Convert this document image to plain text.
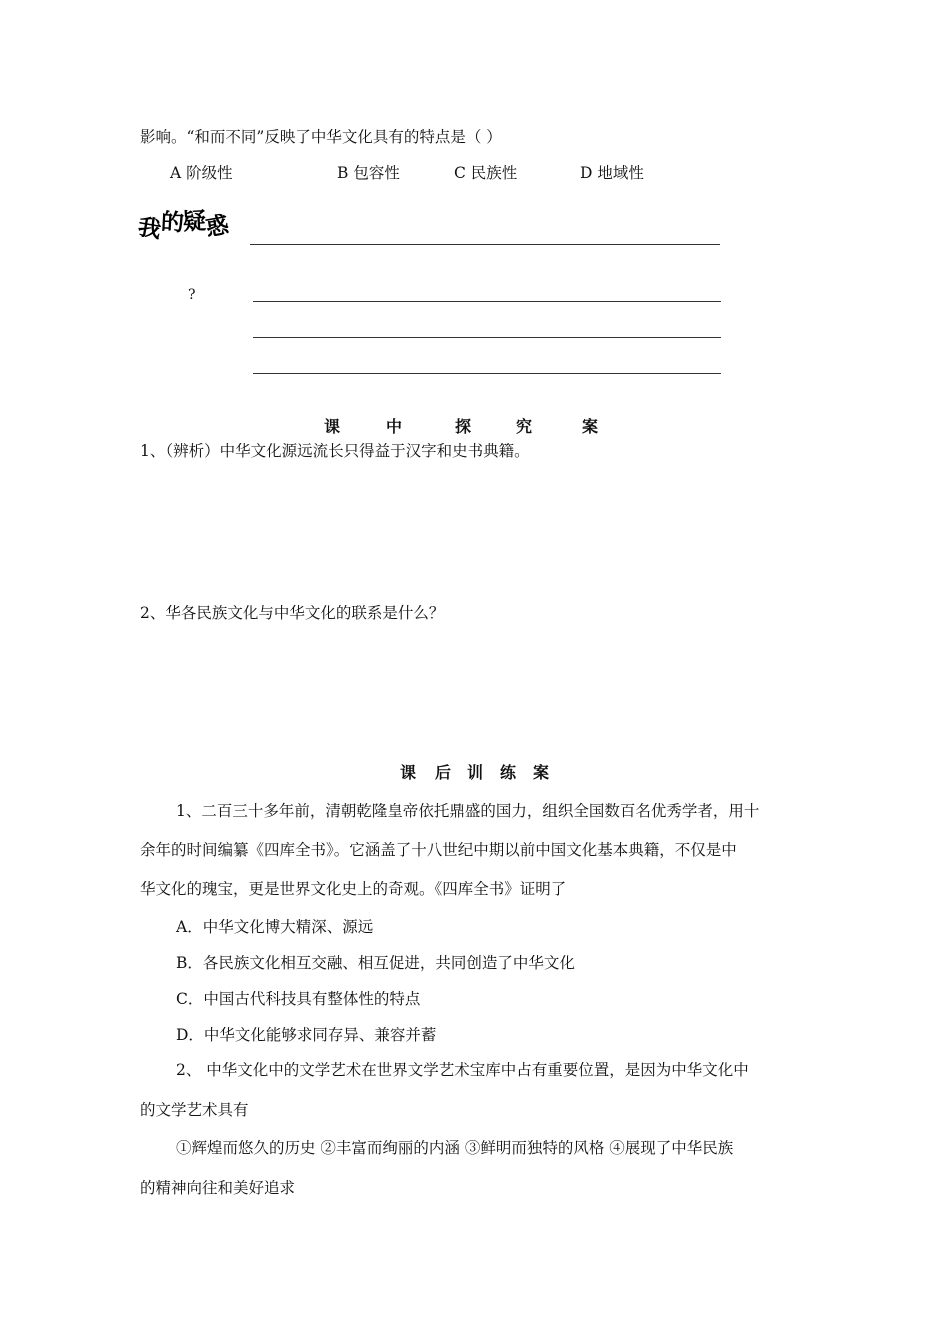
影响。“和而不同”反映了中华文化具有的特点是（ ）
A 阶级性	B 包容性	C 民族性	D 地域性
我的疑惑
?
课	中	探	究	案
1、（辨析）中华文化源远流长只得益于汉字和史书典籍。
2、华各民族文化与中华文化的联系是什么？
课 后 训 练 案
1、二百三十多年前，清朝乾隆皇帝依托鼎盛的国力，组织全国数百名优秀学者，用十
余年的时间编纂《四库全书》。它涵盖了十八世纪中期以前中国文化基本典籍，不仅是中
华文化的瑰宝，更是世界文化史上的奇观。《四库全书》证明了
A．中华文化博大精深、源远
B．各民族文化相互交融、相互促进，共同创造了中华文化
C．中国古代科技具有整体性的特点
D．中华文化能够求同存异、兼容并蓄
2、 中华文化中的文学艺术在世界文学艺术宝库中占有重要位置，是因为中华文化中
的文学艺术具有
①辉煌而悠久的历史 ②丰富而绚丽的内涵 ③鲜明而独特的风格 ④展现了中华民族
的精神向往和美好追求
